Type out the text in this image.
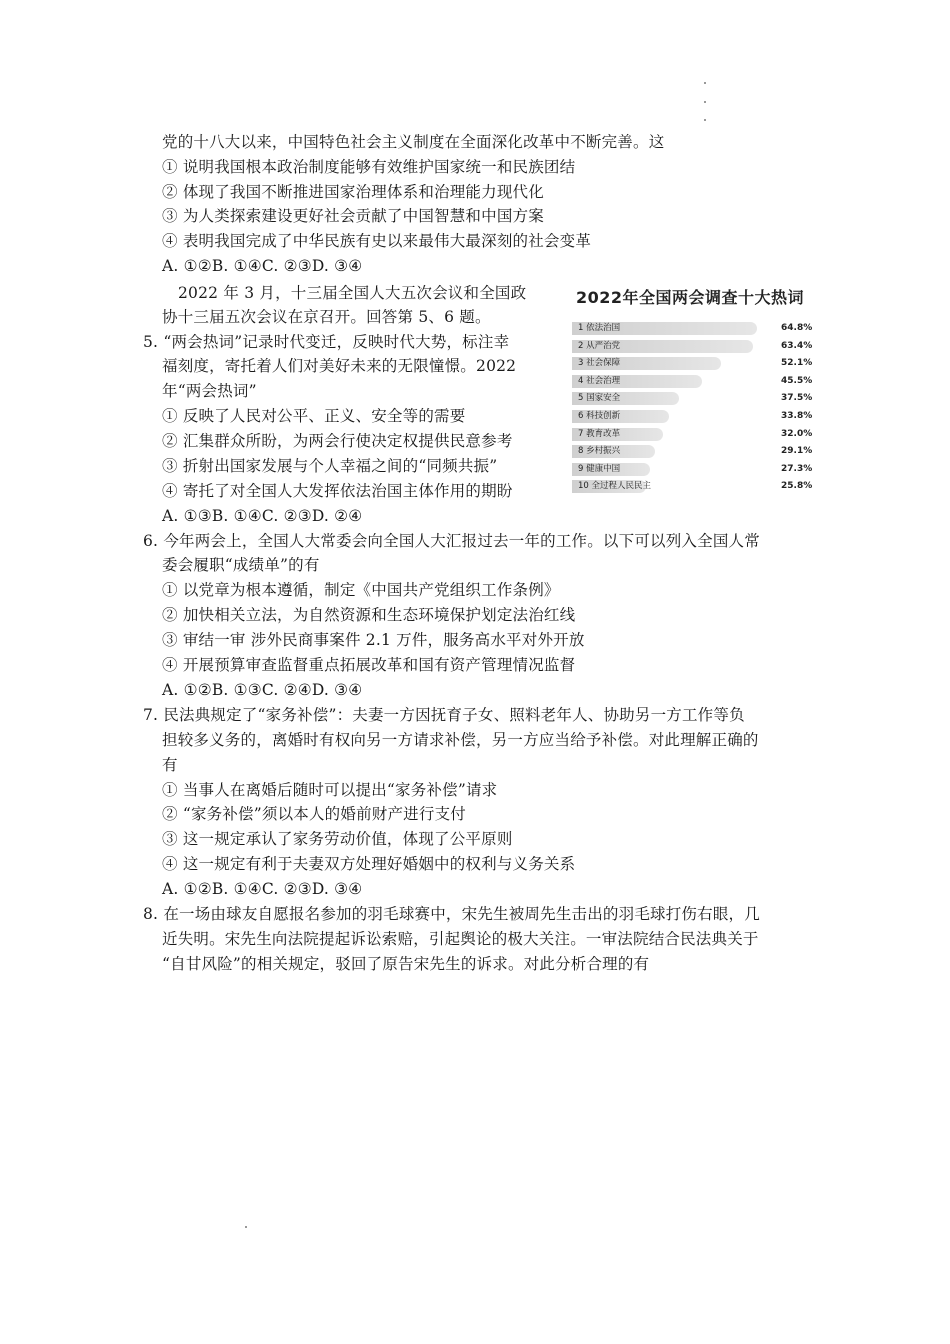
党的十八大以来，中国特色社会主义制度在全面深化改革中不断完善。这
① 说明我国根本政治制度能够有效维护国家统一和民族团结
② 体现了我国不断推进国家治理体系和治理能力现代化
③ 为人类探索建设更好社会贡献了中国智慧和中国方案
④ 表明我国完成了中华民族有史以来最伟大最深刻的社会变革
A. ①②B. ①④C. ②③D. ③④
2022 年 3 月，十三届全国人大五次会议和全国政
协十三届五次会议在京召开。回答第 5、6 题。
5. “两会热词”记录时代变迁，反映时代大势，标注幸
福刻度，寄托着人们对美好未来的无限憧憬。2022
年“两会热词”
① 反映了人民对公平、正义、安全等的需要
② 汇集群众所盼，为两会行使决定权提供民意参考
③ 折射出国家发展与个人幸福之间的“同频共振”
④ 寄托了对全国人大发挥依法治国主体作用的期盼
A. ①③B. ①④C. ②③D. ②④
6. 今年两会上，全国人大常委会向全国人大汇报过去一年的工作。以下可以列入全国人常
委会履职“成绩单”的有
① 以党章为根本遵循，制定《中国共产党组织工作条例》
② 加快相关立法，为自然资源和生态环境保护划定法治红线
③ 审结一审 涉外民商事案件 2.1 万件，服务高水平对外开放
④ 开展预算审查监督重点拓展改革和国有资产管理情况监督
A. ①②B. ①③C. ②④D. ③④
7. 民法典规定了“家务补偿”：夫妻一方因抚育子女、照料老年人、协助另一方工作等负
担较多义务的，离婚时有权向另一方请求补偿，另一方应当给予补偿。对此理解正确的
有
① 当事人在离婚后随时可以提出“家务补偿”请求
② “家务补偿”须以本人的婚前财产进行支付
③ 这一规定承认了家务劳动价值，体现了公平原则
④ 这一规定有利于夫妻双方处理好婚姻中的权利与义务关系
A. ①②B. ①④C. ②③D. ③④
8. 在一场由球友自愿报名参加的羽毛球赛中，宋先生被周先生击出的羽毛球打伤右眼，几
近失明。宋先生向法院提起诉讼索赔，引起舆论的极大关注。一审法院结合民法典关于
“自甘风险”的相关规定，驳回了原告宋先生的诉求。对此分析合理的有
2022年全国两会调查十大热词
1 依法治国	64.8%
2 从严治党	63.4%
3 社会保障	52.1%
4 社会治理	45.5%
5 国家安全	37.5%
6 科技创新	33.8%
7 教育改革	32.0%
8 乡村振兴	29.1%
9 健康中国	27.3%
10 全过程人民民主	25.8%
